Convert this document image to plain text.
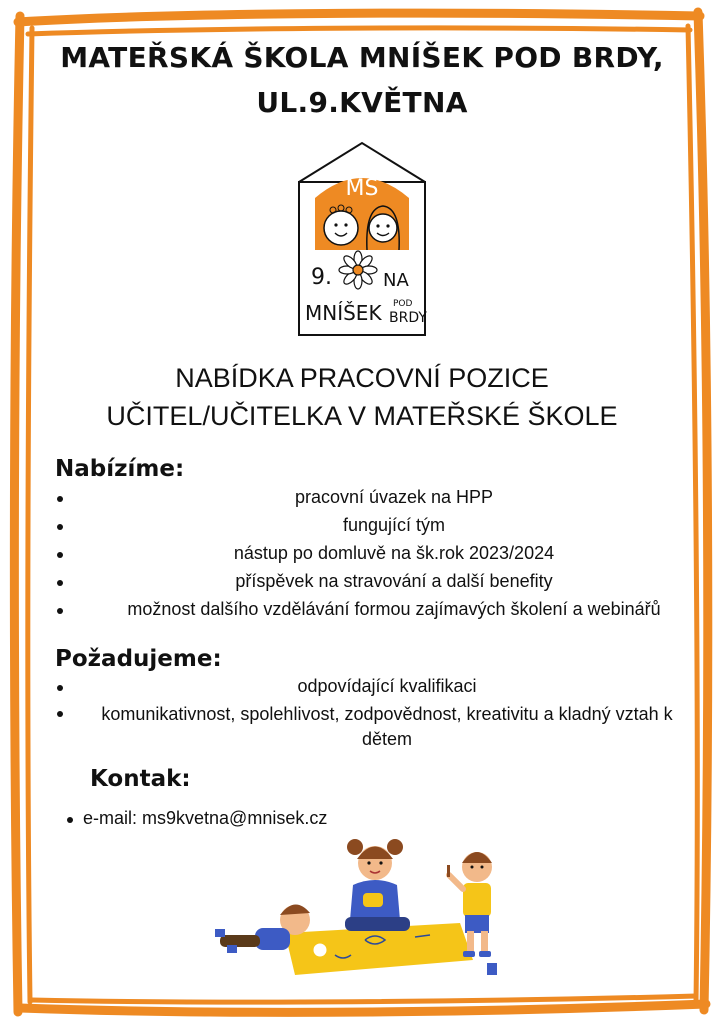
MATEŘSKÁ ŠKOLA MNÍŠEK POD BRDY,
UL.9.KVĚTNA
MŠ
9.	NA
MNÍŠEK POD
BRDY
NABÍDKA PRACOVNÍ POZICE
UČITEL/UČITELKA V MATEŘSKÉ ŠKOLE
Nabízíme:
pracovní úvazek na HPP
fungující tým
nástup po domluvě na šk.rok 2023/2024
příspěvek na stravování a další benefity
možnost dalšího vzdělávání formou zajímavých školení a webinářů
Požadujeme:
odpovídající kvalifikaci
komunikativnost, spolehlivost, zodpovědnost, kreativitu a kladný vztah k dětem
Kontak:
e-mail: ms9kvetna@mnisek.cz
